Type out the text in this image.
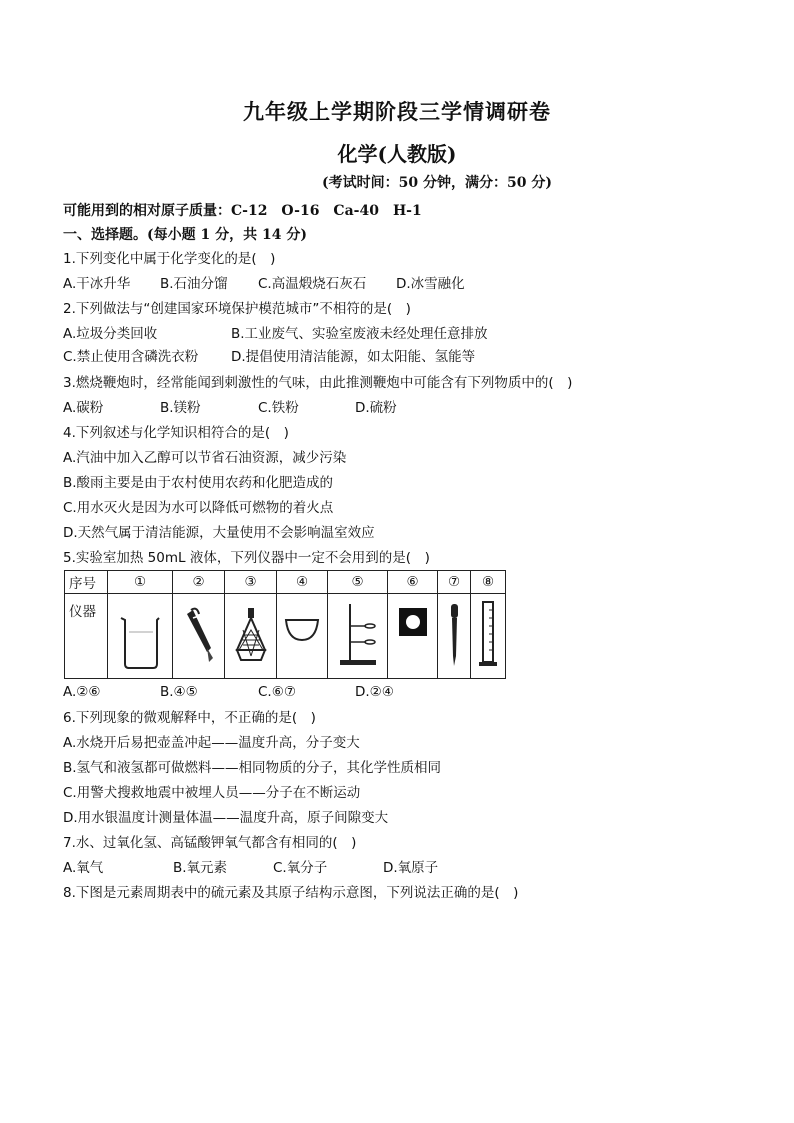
九年级上学期阶段三学情调研卷
化学(人教版)
(考试时间：50 分钟，满分：50 分)
可能用到的相对原子质量：C-12　O-16　Ca-40　H-1
一、选择题。(每小题 1 分，共 14 分)
1.下列变化中属于化学变化的是(　)
A.干冰升华 B.石油分馏 C.高温煅烧石灰石 D.冰雪融化
2.下列做法与“创建国家环境保护模范城市”不相符的是(　)
A.垃圾分类回收	B.工业废气、实验室废液未经处理任意排放
C.禁止使用含磷洗衣粉 D.提倡使用清洁能源，如太阳能、氢能等
3.燃烧鞭炮时，经常能闻到刺激性的气味，由此推测鞭炮中可能含有下列物质中的(　)
A.碳粉	B.镁粉	C.铁粉	D.硫粉
4.下列叙述与化学知识相符合的是(　)
A.汽油中加入乙醇可以节省石油资源，减少污染
B.酸雨主要是由于农村使用农药和化肥造成的
C.用水灭火是因为水可以降低可燃物的着火点
D.天然气属于清洁能源，大量使用不会影响温室效应
5.实验室加热 50mL 液体，下列仪器中一定不会用到的是(　)
序号	①	②	③	④	⑤	⑥	⑦	⑧
仪器	

A.②⑥	B.④⑤	C.⑥⑦	D.②④
6.下列现象的微观解释中，不正确的是(　)
A.水烧开后易把壶盖冲起——温度升高，分子变大
B.氢气和液氢都可做燃料——相同物质的分子，其化学性质相同
C.用警犬搜救地震中被埋人员——分子在不断运动
D.用水银温度计测量体温——温度升高，原子间隙变大
7.水、过氧化氢、高锰酸钾氧气都含有相同的(　)
A.氧气	B.氧元素	C.氧分子	D.氧原子
8.下图是元素周期表中的硫元素及其原子结构示意图，下列说法正确的是(　)
